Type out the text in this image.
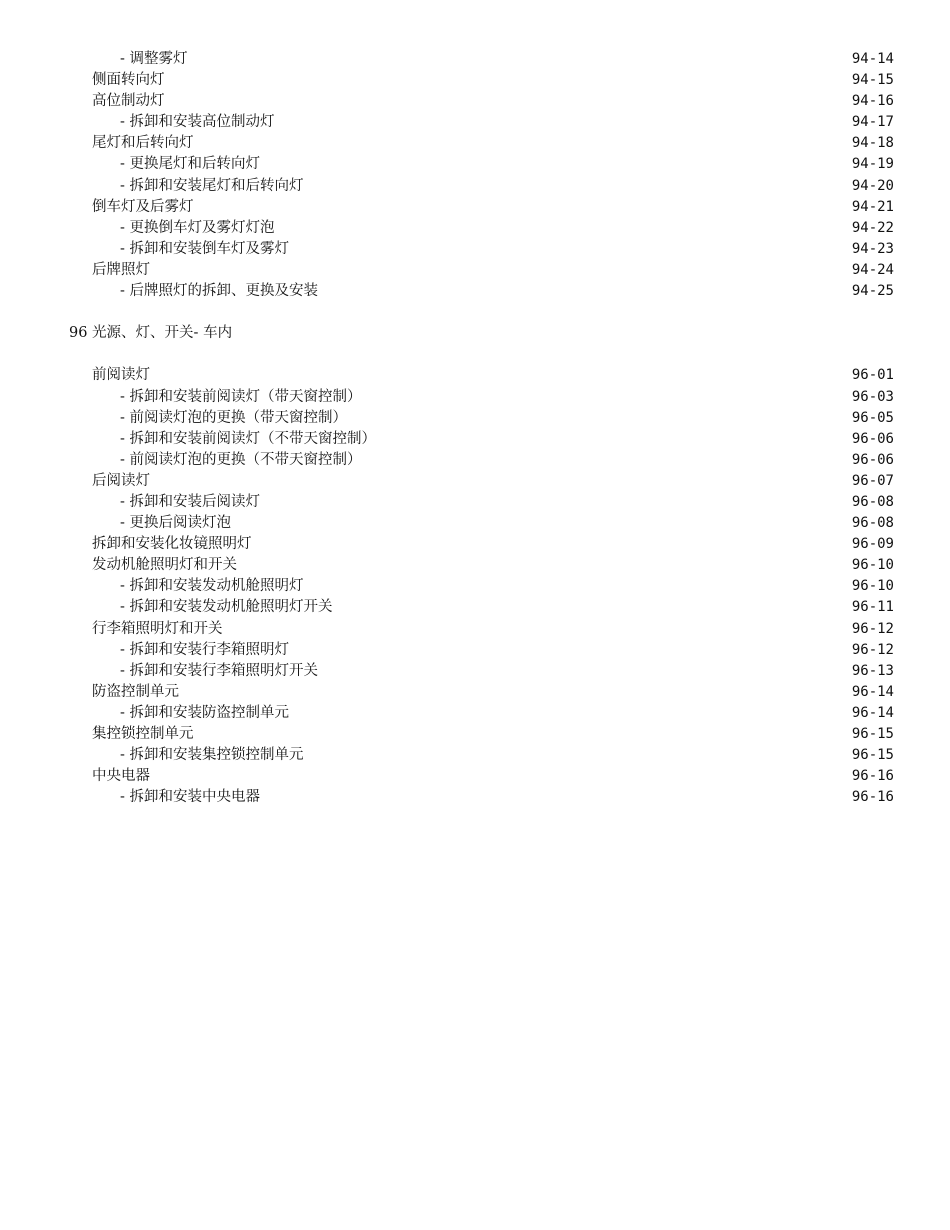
- 调整雾灯	94-14
侧面转向灯	94-15
高位制动灯	94-16
- 拆卸和安装高位制动灯	94-17
尾灯和后转向灯	94-18
- 更换尾灯和后转向灯	94-19
- 拆卸和安装尾灯和后转向灯	94-20
倒车灯及后雾灯	94-21
- 更换倒车灯及雾灯灯泡	94-22
- 拆卸和安装倒车灯及雾灯	94-23
后牌照灯	94-24
- 后牌照灯的拆卸、更换及安装	94-25
96 光源、灯、开关- 车内
前阅读灯	96-01
- 拆卸和安装前阅读灯（带天窗控制）	96-03
- 前阅读灯泡的更换（带天窗控制）	96-05
- 拆卸和安装前阅读灯（不带天窗控制）	96-06
- 前阅读灯泡的更换（不带天窗控制）	96-06
后阅读灯	96-07
- 拆卸和安装后阅读灯	96-08
- 更换后阅读灯泡	96-08
拆卸和安装化妆镜照明灯	96-09
发动机舱照明灯和开关	96-10
- 拆卸和安装发动机舱照明灯	96-10
- 拆卸和安装发动机舱照明灯开关	96-11
行李箱照明灯和开关	96-12
- 拆卸和安装行李箱照明灯	96-12
- 拆卸和安装行李箱照明灯开关	96-13
防盗控制单元	96-14
- 拆卸和安装防盗控制单元	96-14
集控锁控制单元	96-15
- 拆卸和安装集控锁控制单元	96-15
中央电器	96-16
- 拆卸和安装中央电器	96-16
